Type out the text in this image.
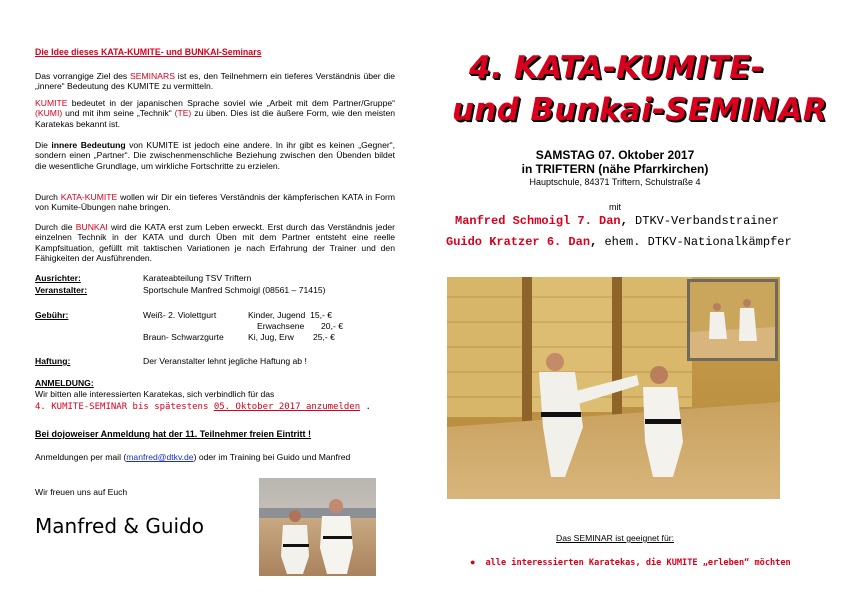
Die Idee dieses KATA-KUMITE- und BUNKAI-Seminars
Das vorrangige Ziel des SEMINARS ist es, den Teilnehmern ein tieferes Verständnis über die „innere“ Bedeutung des KUMITE zu vermitteln.
KUMITE bedeutet in der japanischen Sprache soviel wie „Arbeit mit dem Partner/Gruppe“ (KUMI) und mit ihm seine „Technik“ (TE) zu üben. Dies ist die äußere Form, wie den meisten Karatekas bekannt ist.
Die innere Bedeutung von KUMITE ist jedoch eine andere. In ihr gibt es keinen „Gegner“, sondern einen „Partner“. Die zwischenmenschliche Beziehung zwischen den Übenden bildet die wesentliche Grundlage, um wirkliche Fortschritte zu erzielen.
Durch KATA-KUMITE wollen wir Dir ein tieferes Verständnis der kämpferischen KATA in Form von Kumite-Übungen nahe bringen.
Durch die BUNKAI wird die KATA erst zum Leben erweckt. Erst durch das Verständnis jeder einzelnen Technik in der KATA und durch Üben mit dem Partner entsteht eine reelle Kampfsituation, gefüllt mit taktischen Variationen je nach Erfahrung der Trainer und den Fähigkeiten der Ausführenden.
Ausrichter:	Karateabteilung TSV Triftern
Veranstalter:	Sportschule Manfred Schmoigl (08561 – 71415)
Gebühr:	Weiß- 2. Violettgurt	Kinder, Jugend  15,- €
Erwachsene       20,- €
Braun- Schwarzgurte	Ki, Jug, Erw        25,- €
Haftung:	Der Veranstalter lehnt jegliche Haftung ab !
ANMELDUNG:
Wir bitten alle interessierten Karatekas, sich verbindlich für das
4. KUMITE-SEMINAR bis spätestens 05. Oktober 2017 anzumelden .
Bei dojoweiser Anmeldung hat der 11. Teilnehmer freien Eintritt !
Anmeldungen per mail (manfred@dtkv.de) oder im Training bei Guido und Manfred
Wir freuen uns auf Euch
Manfred & Guido
4. KATA-KUMITE-
und Bunkai-SEMINAR
SAMSTAG 07. Oktober 2017
in TRIFTERN (nähe Pfarrkirchen)
Hauptschule, 84371 Triftern, Schulstraße 4
mit
Manfred Schmoigl 7. Dan, DTKV-Verbandstrainer
Guido Kratzer 6. Dan, ehem. DTKV-Nationalkämpfer
Das SEMINAR ist geeignet für:
● alle interessierten Karatekas, die KUMITE „erleben“ möchten
